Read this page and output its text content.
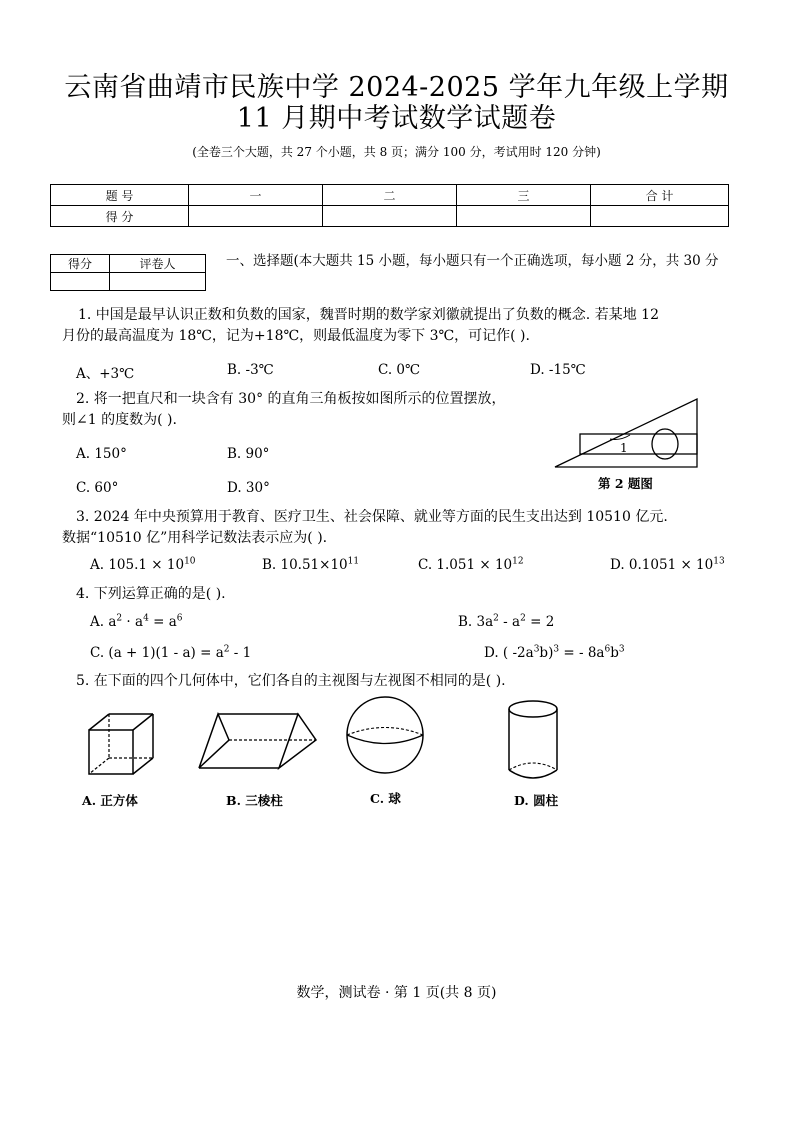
云南省曲靖市民族中学 2024-2025 学年九年级上学期
11 月期中考试数学试题卷
(全卷三个大题，共 27 个小题，共 8 页；满分 100 分，考试用时 120 分钟)
题 号	一	二	三	合 计
得 分				
得分	评卷人
		一、选择题(本大题共 15 小题，每小题只有一个正确选项，每小题 2 分，共 30 分
1. 中国是最早认识正数和负数的国家，魏晋时期的数学家刘徽就提出了负数的概念. 若某地 12
月份的最高温度为 18℃，记为+18℃，则最低温度为零下 3℃，可记作( ).
A、+3℃	B. -3℃	C. 0℃	D. -15℃
2. 将一把直尺和一块含有 30° 的直角三角板按如图所示的位置摆放，
则∠1 的度数为( ).
A. 150°	B. 90°
C. 60°	D. 30°
1
第 2 题图
3. 2024 年中央预算用于教育、医疗卫生、社会保障、就业等方面的民生支出达到 10510 亿元.
数据“10510 亿”用科学记数法表示应为( ).
A. $105.1 \times 10^{10}$	B. $10.51\times 10^{11}$	C. $1.051 \times 10^{12}$	D. $0.1051 \times 10^{13}$
4. 下列运算正确的是( ).
A. $a^2 \cdot a^4 = a^6$	B. $3a^2 - a^2 = 2$
C. $(a + 1)(1 - a) = a^2 - 1$	D. ( $-2a^3b)^3$ = - $8a^6b^3$
5. 在下面的四个几何体中，它们各自的主视图与左视图不相同的是( ).
A. 正方体	B. 三棱柱	C. 球	D. 圆柱
数学，测试卷 · 第 1 页(共 8 页)
